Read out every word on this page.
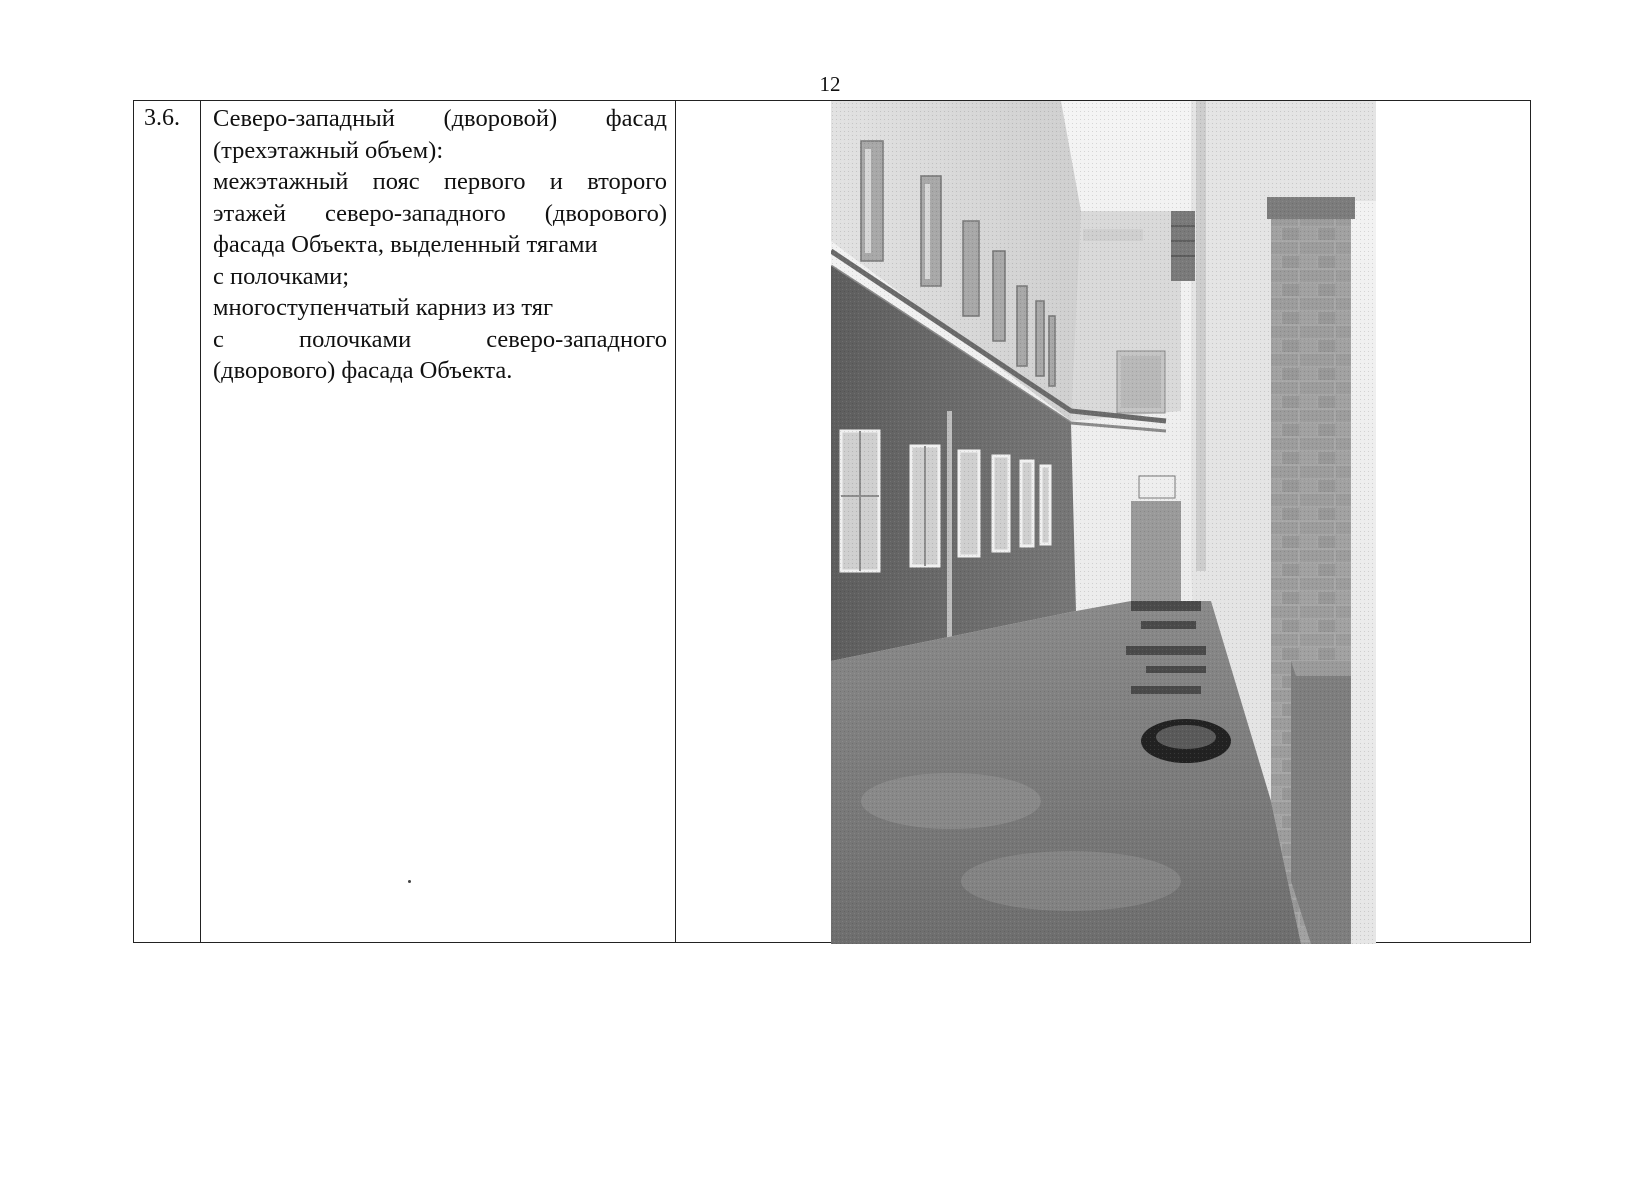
12
3.6.	Северо-западный (дворовой) фасад

(трехэтажный объем):

межэтажный пояс первого и второго этажей северо-западного (дворового) фасада Объекта, выделенный тягами
с полочками;

многоступенчатый карниз из тяг

с полочками северо-западного

(дворового) фасада Объекта.
